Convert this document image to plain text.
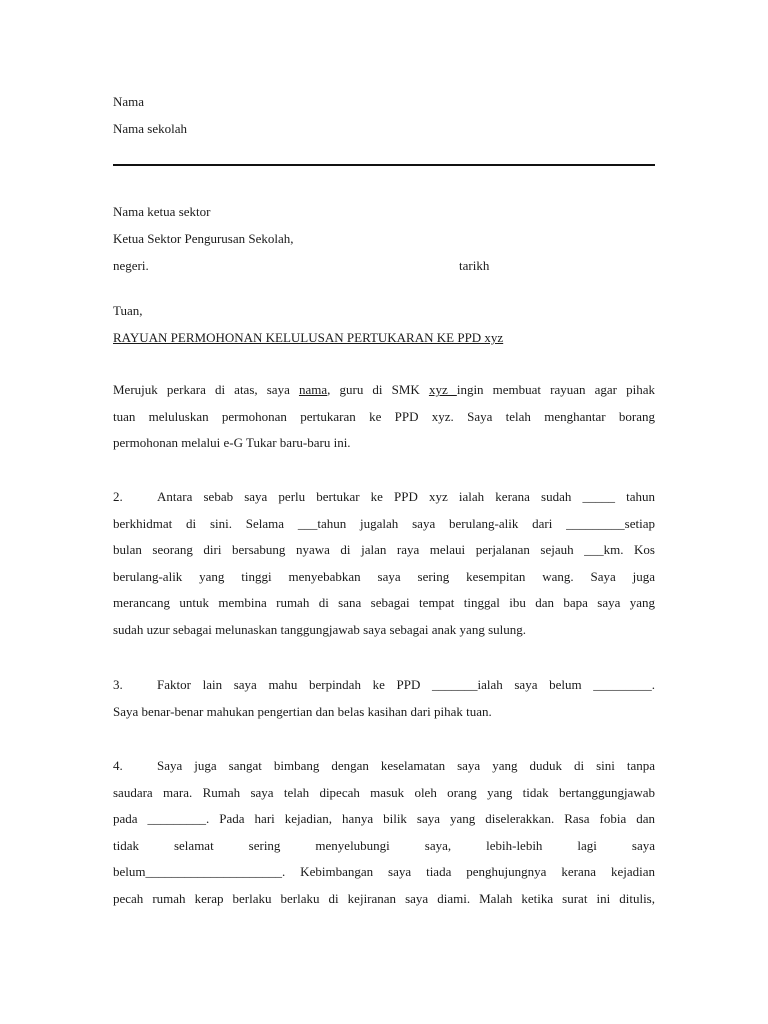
Nama
Nama sekolah
Nama ketua sektor
Ketua Sektor Pengurusan Sekolah,
negeri.	tarikh
Tuan,
RAYUAN PERMOHONAN KELULUSAN PERTUKARAN KE PPD xyz
Merujuk perkara di atas, saya nama, guru di SMK xyz ingin membuat rayuan agar pihak
tuan meluluskan permohonan pertukaran ke PPD xyz. Saya telah menghantar borang
permohonan melalui e-G Tukar baru-baru ini.
2.	Antara sebab saya perlu bertukar ke PPD xyz ialah kerana sudah _____ tahun
berkhidmat di sini. Selama ___tahun jugalah saya berulang-alik dari _________setiap
bulan seorang diri bersabung nyawa di jalan raya melaui perjalanan sejauh ___km. Kos
berulang-alik yang tinggi menyebabkan saya sering kesempitan wang. Saya juga
merancang untuk membina rumah di sana sebagai tempat tinggal ibu dan bapa saya yang
sudah uzur sebagai melunaskan tanggungjawab saya sebagai anak yang sulung.
3.	Faktor lain saya mahu berpindah ke PPD _______ialah saya belum _________.
Saya benar-benar mahukan pengertian dan belas kasihan dari pihak tuan.
4.	Saya juga sangat bimbang dengan keselamatan saya yang duduk di sini tanpa
saudara mara. Rumah saya telah dipecah masuk oleh orang yang tidak bertanggungjawab
pada _________. Pada hari kejadian, hanya bilik saya yang diselerakkan. Rasa fobia dan
tidak selamat sering menyelubungi saya, lebih-lebih lagi saya
belum_____________________. Kebimbangan saya tiada penghujungnya kerana kejadian
pecah rumah kerap berlaku berlaku di kejiranan saya diami. Malah ketika surat ini ditulis,
